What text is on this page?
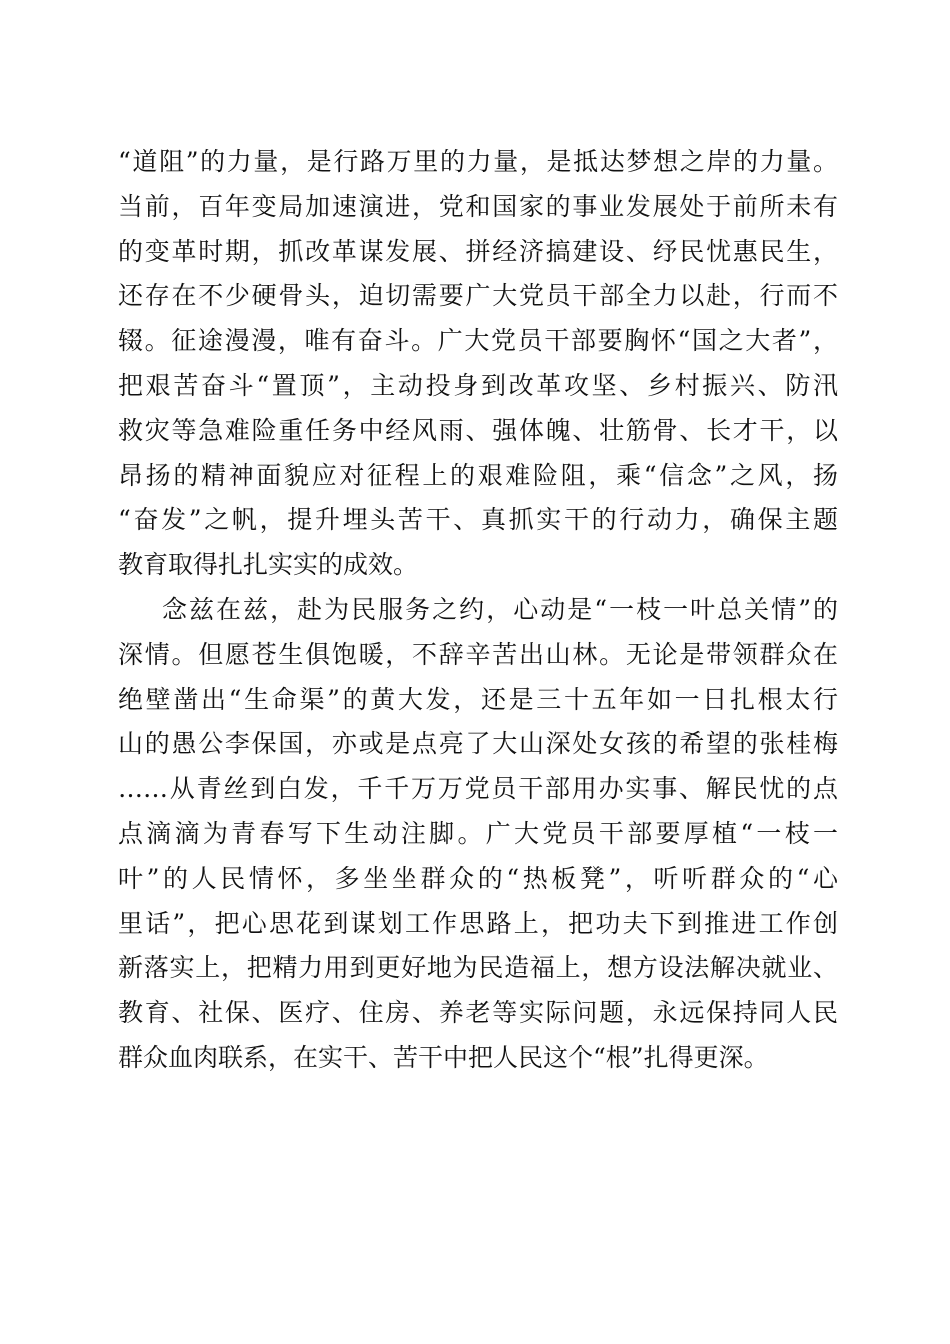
“道阻”的力量，是行路万里的力量，是抵达梦想之岸的力量。
当前，百年变局加速演进，党和国家的事业发展处于前所未有
的变革时期，抓改革谋发展、拼经济搞建设、纾民忧惠民生，
还存在不少硬骨头，迫切需要广大党员干部全力以赴，行而不
辍。征途漫漫，唯有奋斗。广大党员干部要胸怀“国之大者”，
把艰苦奋斗“置顶”，主动投身到改革攻坚、乡村振兴、防汛
救灾等急难险重任务中经风雨、强体魄、壮筋骨、长才干，以
昂扬的精神面貌应对征程上的艰难险阻，乘“信念”之风，扬
“奋发”之帆，提升埋头苦干、真抓实干的行动力，确保主题
教育取得扎扎实实的成效。
念兹在兹，赴为民服务之约，心动是“一枝一叶总关情”的
深情。但愿苍生俱饱暖，不辞辛苦出山林。无论是带领群众在
绝壁凿出“生命渠”的黄大发，还是三十五年如一日扎根太行
山的愚公李保国，亦或是点亮了大山深处女孩的希望的张桂梅
……从青丝到白发，千千万万党员干部用办实事、解民忧的点
点滴滴为青春写下生动注脚。广大党员干部要厚植“一枝一
叶”的人民情怀，多坐坐群众的“热板凳”，听听群众的“心
里话”，把心思花到谋划工作思路上，把功夫下到推进工作创
新落实上，把精力用到更好地为民造福上，想方设法解决就业、
教育、社保、医疗、住房、养老等实际问题，永远保持同人民
群众血肉联系，在实干、苦干中把人民这个“根”扎得更深。
